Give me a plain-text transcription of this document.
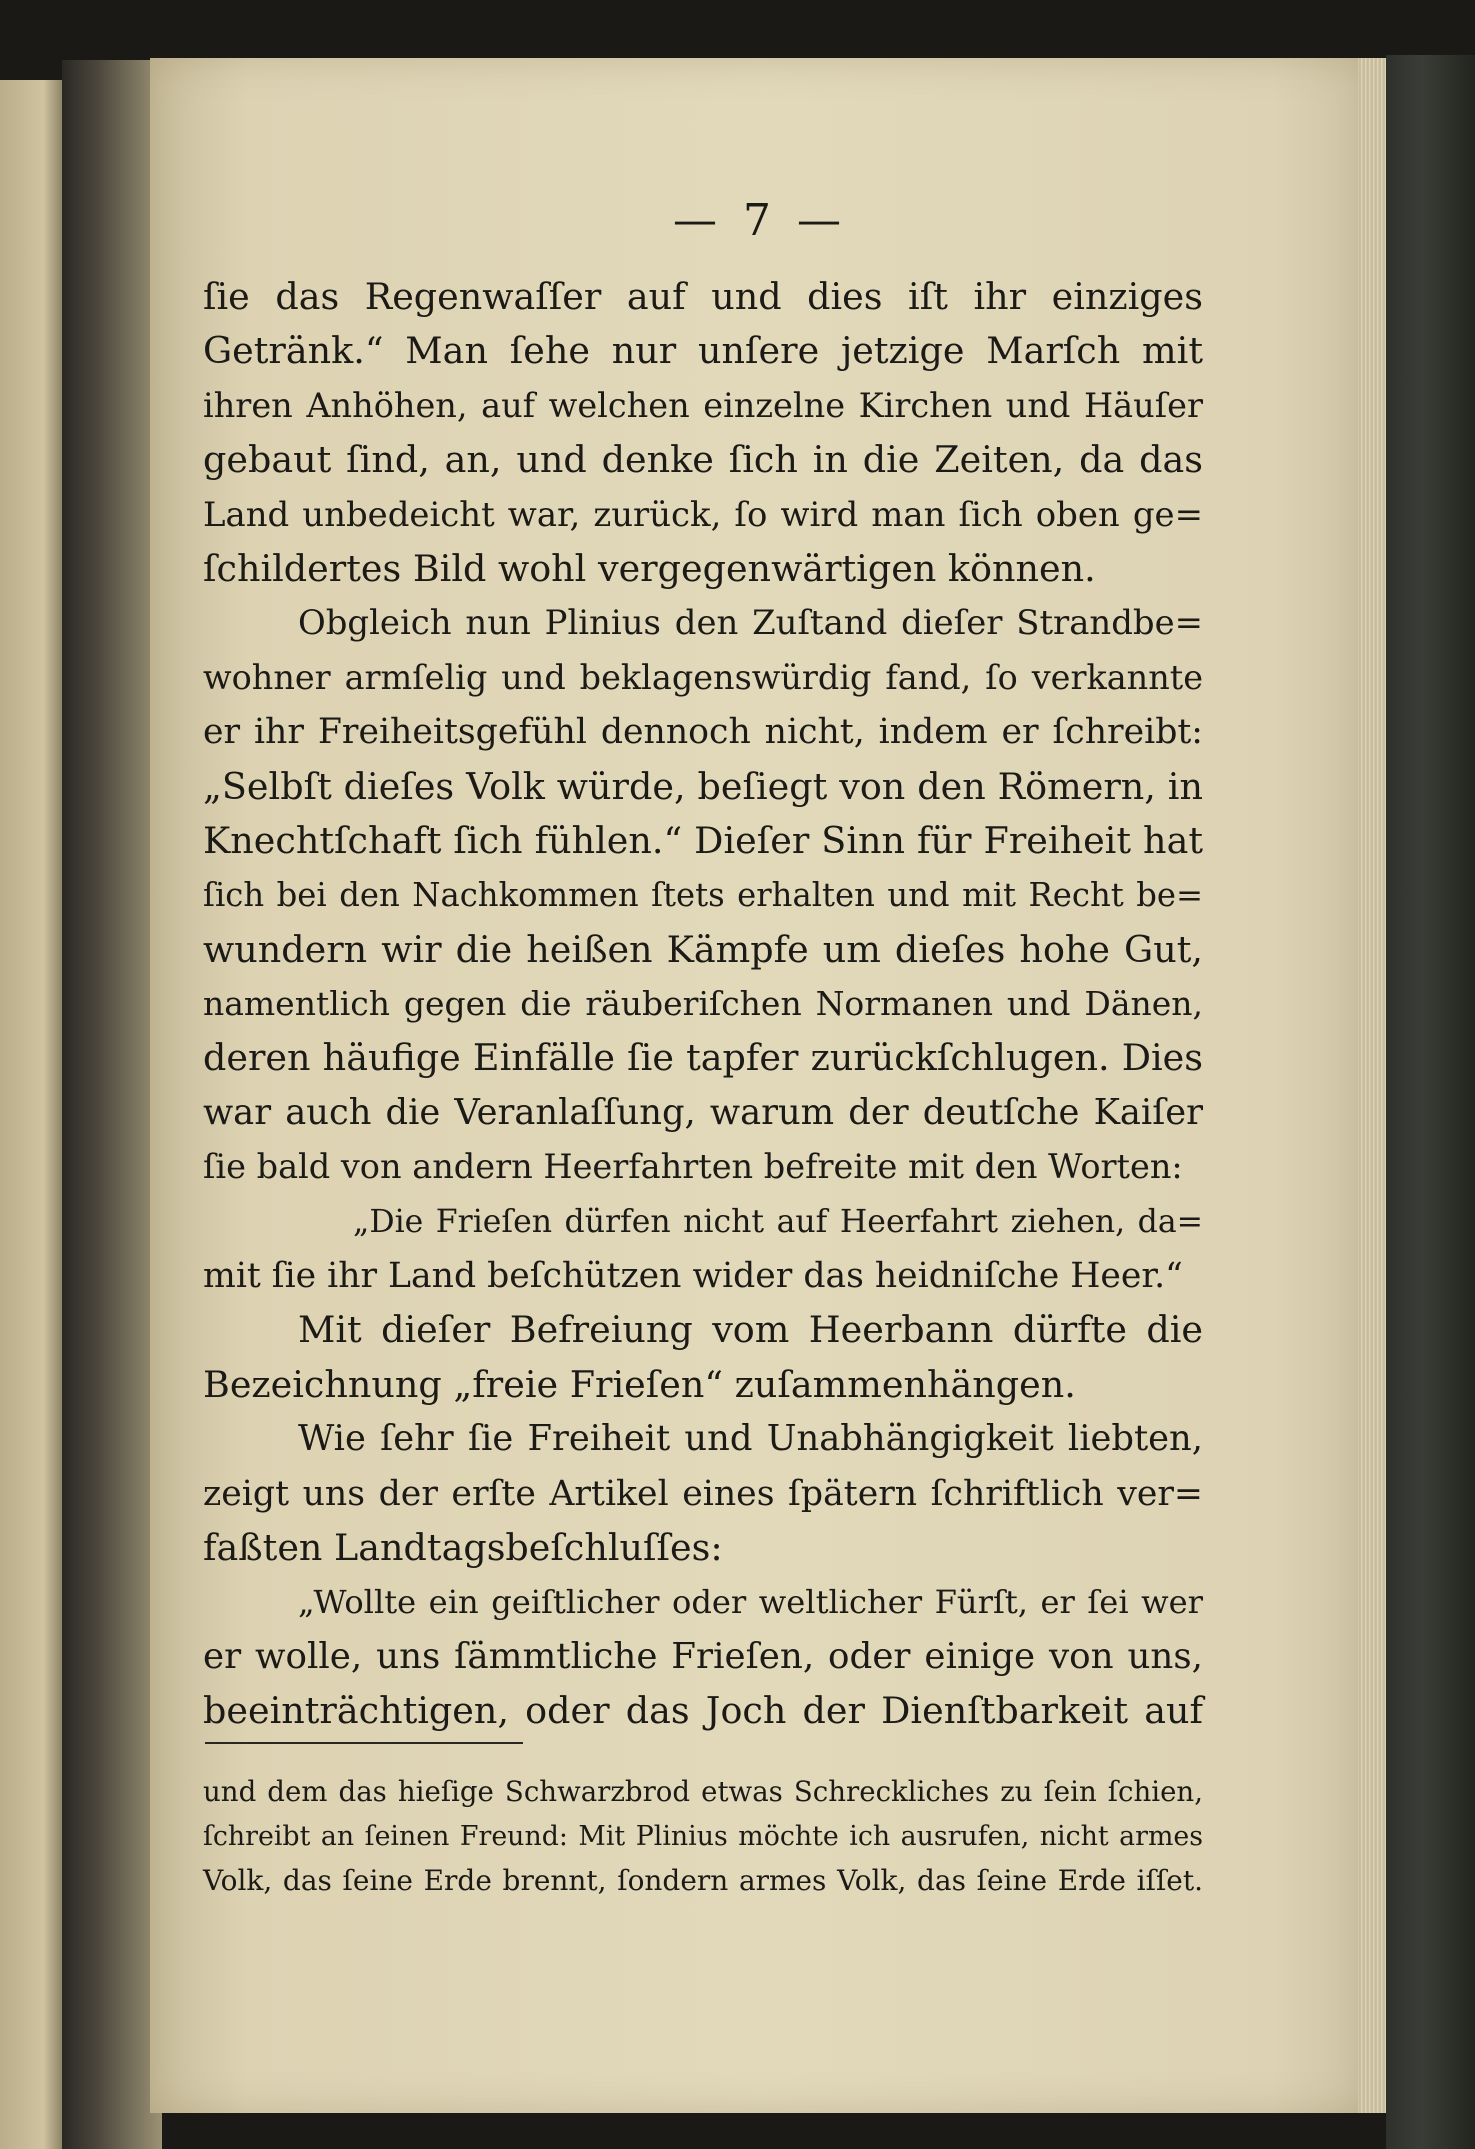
— 7 —
ſie das Regenwaſſer auf und dies iſt ihr einziges
Getränk.“ Man ſehe nur unſere jetzige Marſch mit
ihren Anhöhen, auf welchen einzelne Kirchen und Häuſer
gebaut ſind, an, und denke ſich in die Zeiten, da das
Land unbedeicht war, zurück, ſo wird man ſich oben ge=
ſchildertes Bild wohl vergegenwärtigen können.
Obgleich nun Plinius den Zuſtand dieſer Strandbe=
wohner armſelig und beklagenswürdig fand, ſo verkannte
er ihr Freiheitsgefühl dennoch nicht, indem er ſchreibt:
„Selbſt dieſes Volk würde, beſiegt von den Römern, in
Knechtſchaft ſich fühlen.“ Dieſer Sinn für Freiheit hat
ſich bei den Nachkommen ſtets erhalten und mit Recht be=
wundern wir die heißen Kämpfe um dieſes hohe Gut,
namentlich gegen die räuberiſchen Normanen und Dänen,
deren häufige Einfälle ſie tapfer zurückſchlugen. Dies
war auch die Veranlaſſung, warum der deutſche Kaiſer
ſie bald von andern Heerfahrten befreite mit den Worten:
„Die Frieſen dürfen nicht auf Heerfahrt ziehen, da=
mit ſie ihr Land beſchützen wider das heidniſche Heer.“
Mit dieſer Befreiung vom Heerbann dürfte die
Bezeichnung „freie Frieſen“ zuſammenhängen.
Wie ſehr ſie Freiheit und Unabhängigkeit liebten,
zeigt uns der erſte Artikel eines ſpätern ſchriftlich ver=
faßten Landtagsbeſchluſſes:
„Wollte ein geiſtlicher oder weltlicher Fürſt, er ſei wer
er wolle, uns ſämmtliche Frieſen, oder einige von uns,
beeinträchtigen, oder das Joch der Dienſtbarkeit auf
und dem das hieſige Schwarzbrod etwas Schreckliches zu ſein ſchien,
ſchreibt an ſeinen Freund: Mit Plinius möchte ich ausrufen, nicht armes
Volk, das ſeine Erde brennt, ſondern armes Volk, das ſeine Erde iſſet.
